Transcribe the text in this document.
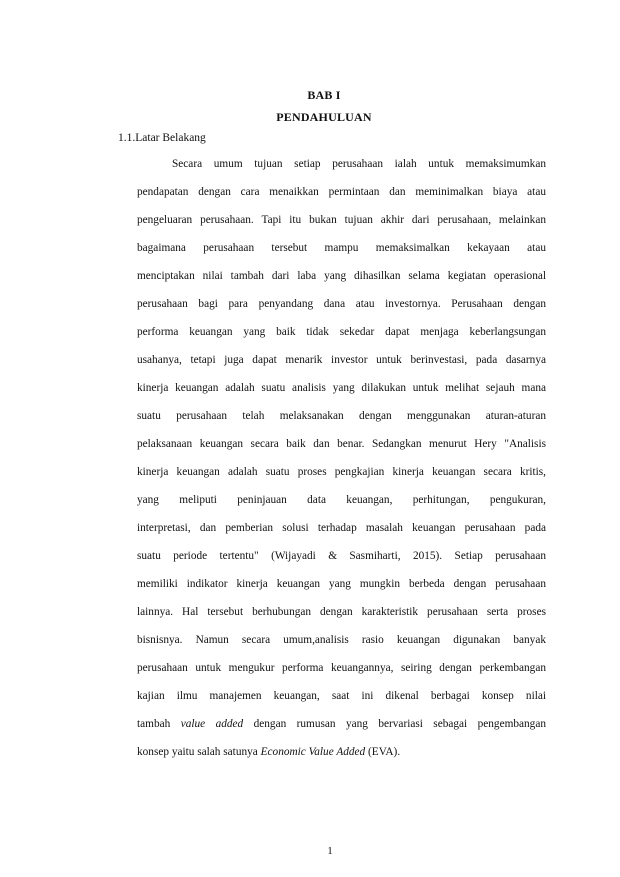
BAB I
PENDAHULUAN
1.1.Latar Belakang
Secara umum tujuan setiap perusahaan ialah untuk memaksimumkan
pendapatan dengan cara menaikkan permintaan dan meminimalkan biaya atau
pengeluaran perusahaan. Tapi itu bukan tujuan akhir dari perusahaan, melainkan
bagaimana perusahaan tersebut mampu memaksimalkan kekayaan atau
menciptakan nilai tambah dari laba yang dihasilkan selama kegiatan operasional
perusahaan bagi para penyandang dana atau investornya. Perusahaan dengan
performa keuangan yang baik tidak sekedar dapat menjaga keberlangsungan
usahanya, tetapi juga dapat menarik investor untuk berinvestasi, pada dasarnya
kinerja keuangan adalah suatu analisis yang dilakukan untuk melihat sejauh mana
suatu perusahaan telah melaksanakan dengan menggunakan aturan-aturan
pelaksanaan keuangan secara baik dan benar. Sedangkan menurut Hery "Analisis
kinerja keuangan adalah suatu proses pengkajian kinerja keuangan secara kritis,
yang meliputi peninjauan data keuangan, perhitungan, pengukuran,
interpretasi, dan pemberian solusi terhadap masalah keuangan perusahaan pada
suatu periode tertentu" (Wijayadi & Sasmiharti, 2015). Setiap perusahaan
memiliki indikator kinerja keuangan yang mungkin berbeda dengan perusahaan
lainnya. Hal tersebut berhubungan dengan karakteristik perusahaan serta proses
bisnisnya. Namun secara umum,analisis rasio keuangan digunakan banyak
perusahaan untuk mengukur performa keuangannya, seiring dengan perkembangan
kajian ilmu manajemen keuangan, saat ini dikenal berbagai konsep nilai
tambah value added dengan rumusan yang bervariasi sebagai pengembangan
konsep yaitu salah satunya Economic Value Added (EVA).
1
